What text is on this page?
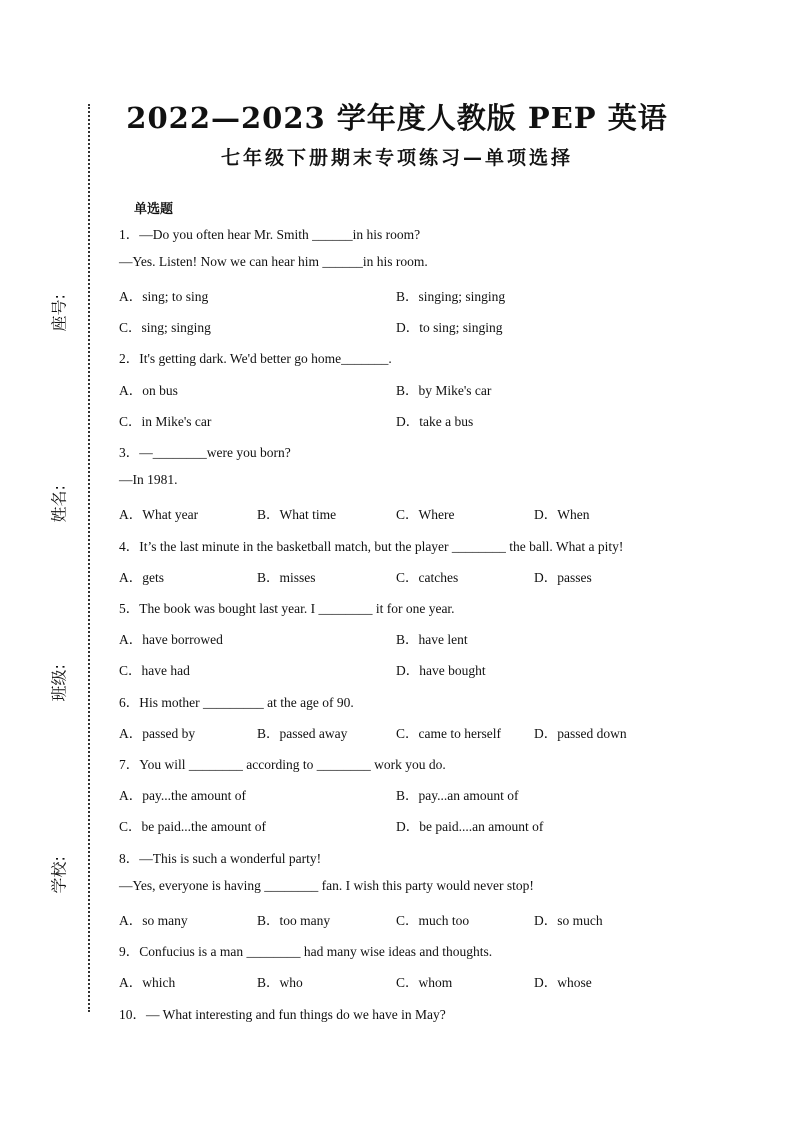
座号:
姓名:
班级:
学校:
2022—2023 学年度人教版 PEP 英语
七年级下册期末专项练习—单项选择
单选题
1．—Do you often hear Mr. Smith ______in his room?
—Yes. Listen! Now we can hear him ______in his room.
A．sing; to sing	B．singing; singing
C．sing; singing	D．to sing; singing
2．It's getting dark. We'd better go home_______.
A．on bus	B．by Mike's car
C．in Mike's car	D．take a bus
3．—________were you born?
—In 1981.
A．What year	B．What time	C．Where	D．When
4．It’s the last minute in the basketball match, but the player ________ the ball. What a pity!
A．gets	B．misses	C．catches	D．passes
5．The book was bought last year. I ________ it for one year.
A．have borrowed	B．have lent
C．have had	D．have bought
6．His mother _________ at the age of 90.
A．passed by	B．passed away	C．came to herself D．passed down
7．You will ________ according to ________ work you do.
A．pay...the amount of	B．pay...an amount of
C．be paid...the amount of	D．be paid....an amount of
8．—This is such a wonderful party!
—Yes, everyone is having ________ fan. I wish this party would never stop!
A．so many	B．too many	C．much too	D．so much
9．Confucius is a man ________ had many wise ideas and thoughts.
A．which	B．who	C．whom	D．whose
10．— What interesting and fun things do we have in May?
